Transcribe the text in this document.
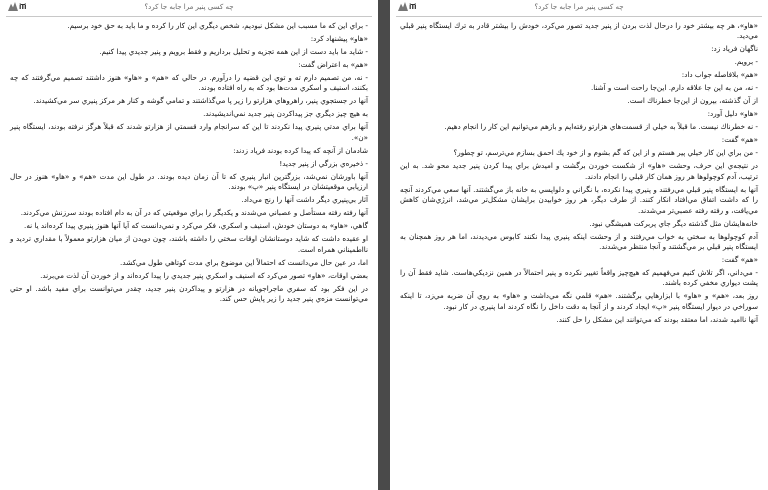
iTi	چه کسی پنیر مرا جابه جا کرد؟

- براي اين كه ما مسبب اين مشكل نبوديم، شخص ديگري اين كار را كرده و ما بايد به حق خود برسيم.

«هاو» پيشنهاد كرد:

- شايد ما بايد دست از اين همه تجزيه و تحليل برداريم و فقط برويم و پنير جديدي پيدا كنيم.

«هم» به اعتراض گفت:

- نه، من تصميم دارم ته و توي اين قضيه را درآورم. در حالي كه «هم» و «هاو» هنوز داشتند تصميم مي‌گرفتند كه چه بكنند، اسنيف و اسكري مدت‌ها بود كه به راه افتاده بودند.

آنها در جستجوي پنير، راهروهاي هزارتو را زير پا مي‌گذاشتند و تمامي گوشه و كنار هر مركز پنيري سر مي‌كشيدند.

به هيچ چيز ديگري جز پيداكردن پنير جديد نمي‌انديشيدند.

آنها براي مدتي پنيري پيدا نكردند تا اين كه سرانجام وارد قسمتي از هزارتو شدند كه قبلاً هرگز نرفته بودند، ايستگاه پنير «ن».

شادمان از آنچه كه پيدا كرده بودند فرياد زدند:

- ذخيره‌ي بزرگي از پنير جديد!

آنها باورشان نمي‌شد، بزرگترين انبار پنيري كه تا آن زمان ديده بودند. در طول اين مدت «هم» و «هاو» هنوز در حال ارزيابي موقعيتشان در ايستگاه پنير «پ» بودند.

آثار بي‌پنيري ديگر داشت آنها را رنج مي‌داد.

آنها رفته رفته مستأصل و عصباني مي‌شدند و يكديگر را براي موقعيتي كه در آن به دام افتاده بودند سرزنش مي‌كردند.

گاهي، «هاو» به دوستان خودش، اسنيف و اسكري، فكر مي‌كرد و نمي‌دانست كه آيا آنها هنوز پنيري پيدا كرده‌اند يا نه.

او عقيده داشت كه شايد دوستانشان اوقات سختي را داشته باشند، چون دويدن از ميان هزارتو معمولاً با مقداري ترديد و نااطميناني همراه است.

اما، در عين حال مي‌دانست كه احتمالاً اين موضوع براي مدت كوتاهي طول مي‌كشد.

بعضي اوقات، «هاو» تصور مي‌كرد كه اسنيف و اسكري پنير جديدي را پيدا كرده‌اند و از خوردن آن لذت مي‌برند.

در اين فكر بود كه سفري ماجراجويانه در هزارتو و پيداكردن پنير جديد، چقدر مي‌توانست براي مفيد باشد. او حتي مي‌توانست مزه‌ي پنير جديد را زير پايش حس كند.

iTi	چه کسی پنیر مرا جابه جا کرد؟

«هاو»، هر چه بيشتر خود را درحال لذت بردن از پنير جديد تصور مي‌كرد، خودش را بيشتر قادر به ترك ايستگاه پنير قبلي مي‌ديد.

ناگهان فرياد زد:

- برويم.

«هم» بلافاصله جواب داد:

- نه، من به اين جا علاقه دارم. اين‌جا راحت است و آشنا.

از آن گذشته، بيرون از اين‌جا خطرناك است.

«هاو» دليل آورد:

- نه خطرناك نيست. ما قبلاً به خيلي از قسمت‌هاي هزارتو رفته‌ايم و بازهم مي‌توانيم اين كار را انجام دهيم.

«هم» گفت:

- من براي اين كار خيلي پير هستم و از اين كه گم بشوم و از خود يك احمق بسازم مي‌ترسم، تو چطور؟

در نتيجه‌ي اين حرف، وحشت «هاو» از شكست خوردن برگشت و اميدش براي پيدا كردن پنير جديد محو شد. به اين ترتيب، آدم كوچولوها هر روز همان كار قبلي را انجام دادند.

آنها به ايستگاه پنير قبلي مي‌رفتند و پنيري پيدا نكرده، با نگراني و دلواپسي به خانه باز مي‌گشتند. آنها سعي مي‌كردند آنچه را كه داشت اتفاق مي‌افتاد انكار كنند. از طرف ديگر، هر روز خوابيدن برايشان مشكل‌تر مي‌شد، انرژي‌شان كاهش مي‌يافت، و رفته رفته عصبي‌تر مي‌شدند.

خانه‌هايشان مثل گذشته ديگر جاي پربركت هميشگي نبود.

آدم كوچولوها به سختي به خواب مي‌رفتند و از وحشت اينكه پنيري پيدا نكنند كابوس مي‌ديدند، اما هر روز همچنان به ايستگاه پنير قبلي بر مي‌گشتند و آنجا منتظر مي‌شدند.

«هم» گفت:

- مي‌داني، اگر تلاش كنيم مي‌فهميم كه هيچ‌چيز واقعاً تغيير نكرده و پنير احتمالاً در همين نزديكي‌هاست. شايد فقط آن را پشت ديواري مخفي كرده باشند.

روز بعد، «هم» و «هاو» با ابزارهايي برگشتند. «هم» قلمي نگه مي‌داشت و «هاو» به روي آن ضربه مي‌زد، تا اينكه سوراخي در ديوار ايستگاه پنير «پ» ايجاد كردند و از آنجا به دقت داخل را نگاه كردند اما پنيري در كار نبود.

آنها نااميد شدند، اما معتقد بودند كه مي‌توانند اين مشكل را حل كنند.
